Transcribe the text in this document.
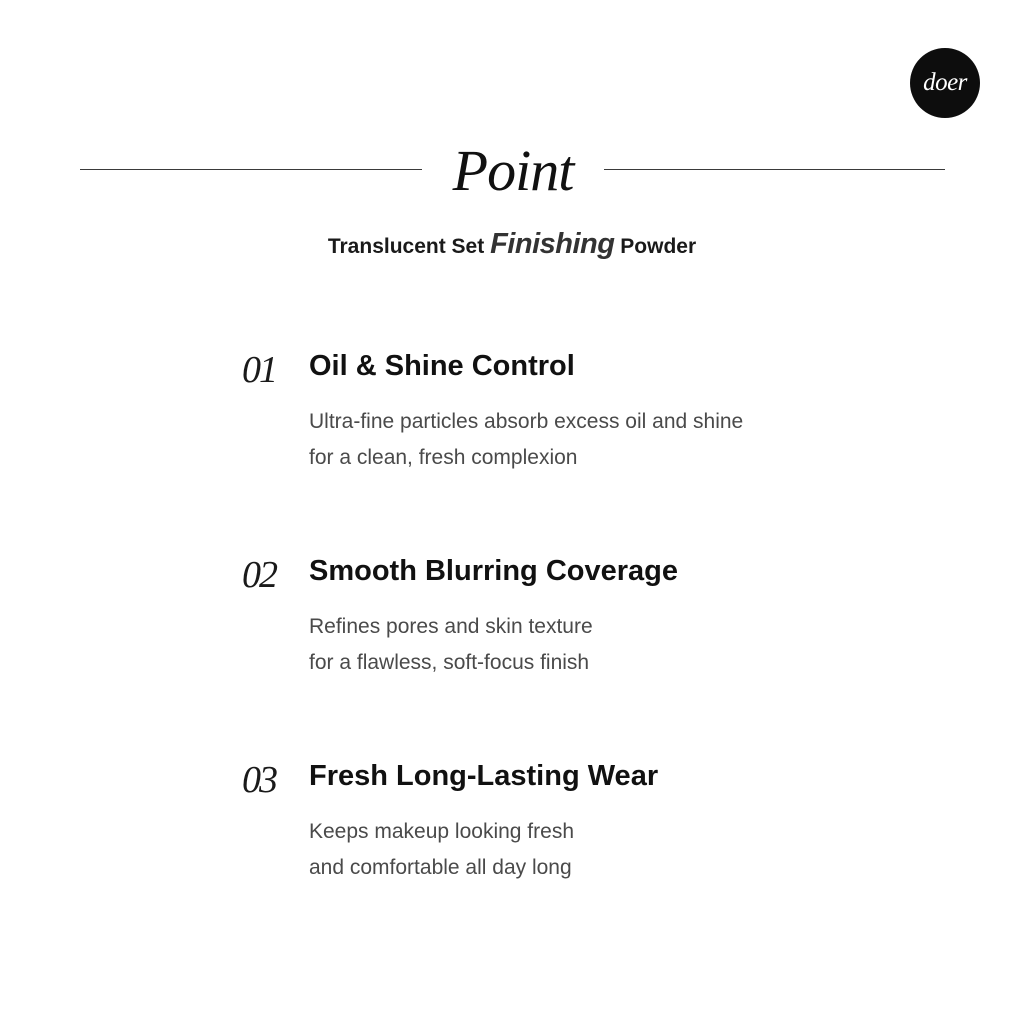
doer
Point
Translucent Set Finishing Powder
01 Oil & Shine Control
Ultra-fine particles absorb excess oil and shine
for a clean, fresh complexion
02 Smooth Blurring Coverage
Refines pores and skin texture
for a flawless, soft-focus finish
03 Fresh Long-Lasting Wear
Keeps makeup looking fresh
and comfortable all day long
